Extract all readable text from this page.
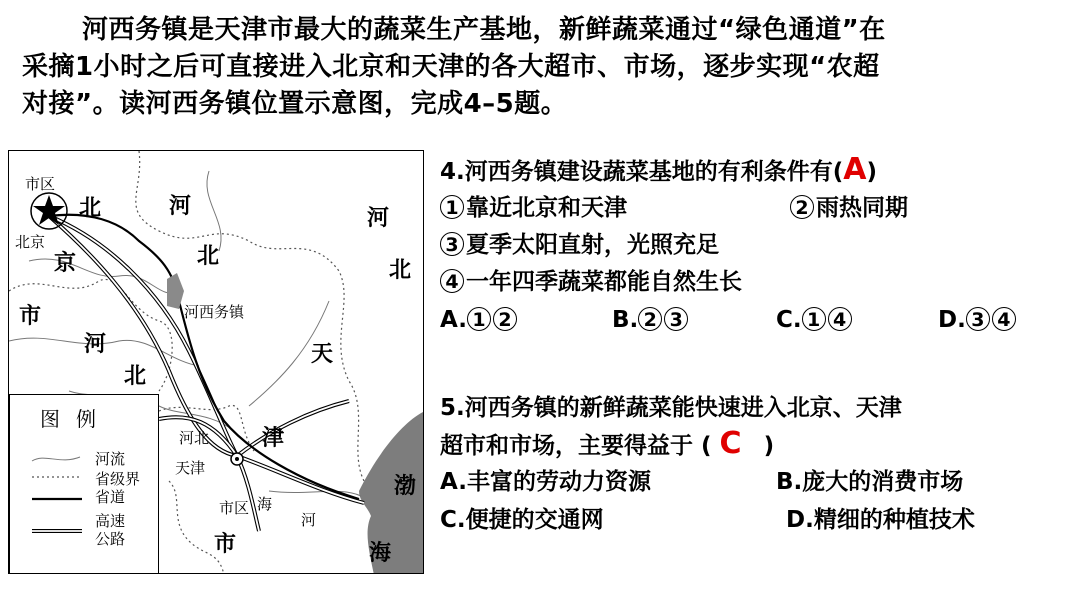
河西务镇是天津市最大的蔬菜生产基地，新鲜蔬菜通过“绿色通道”在
采摘1小时之后可直接进入北京和天津的各大超市、市场，逐步实现“农超
对接”。读河西务镇位置示意图，完成4–5题。
市区
北京
北
京
市
河	河
北
北
河
北
河西务镇
天
津
河北
天津
市区 海
河
市
渤
海
图例
河流
省级界
省道
高速
公路
4.河西务镇建设蔬菜基地的有利条件有(A)
1 靠近北京和天津	2 雨热同期
3 夏季太阳直射，光照充足
4 一年四季蔬菜都能自然生长
A. 1 2	B. 2 3	C. 1 4	D. 3 4
5.河西务镇的新鲜蔬菜能快速进入北京、天津
超市和市场，主要得益于 ( C )
A.丰富的劳动力资源	B.庞大的消费市场
C.便捷的交通网	D.精细的种植技术
